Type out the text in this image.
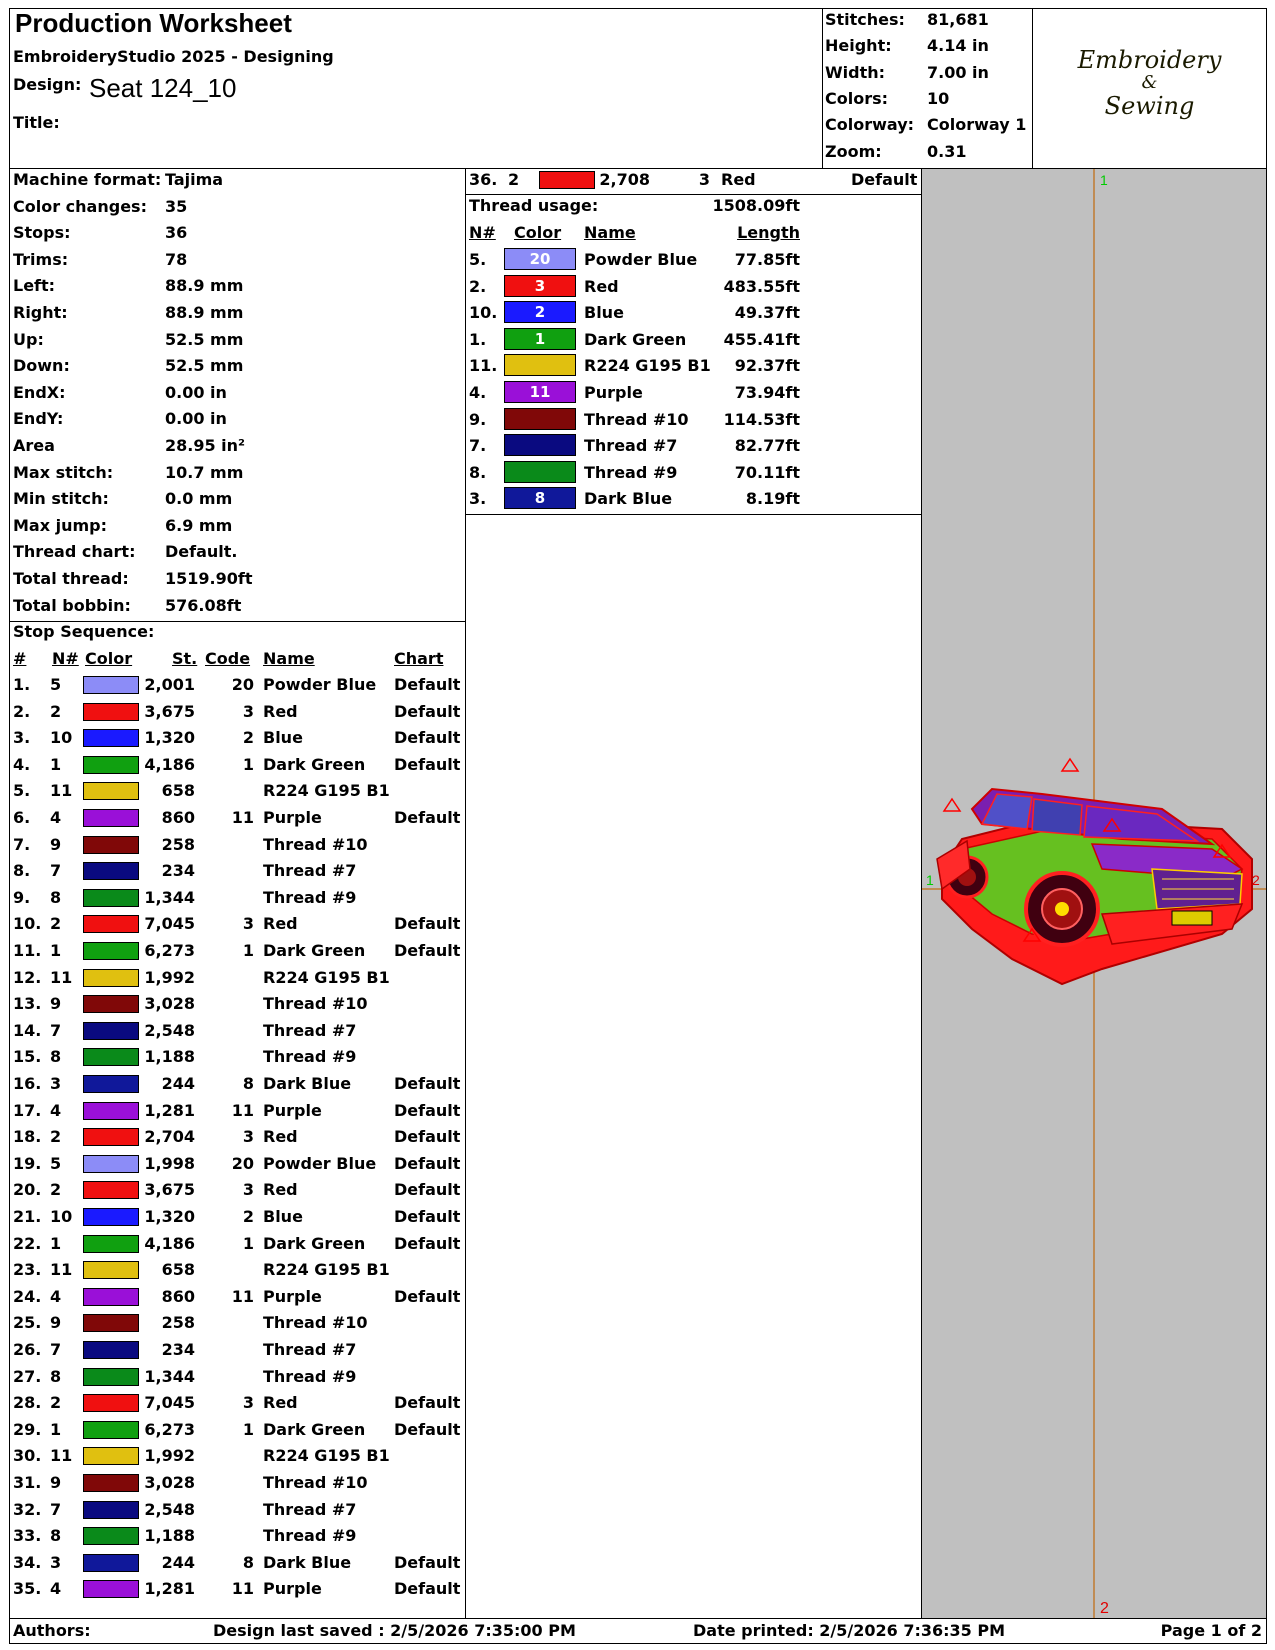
Production Worksheet
EmbroideryStudio 2025 - Designing
Design: Seat 124_10
Title:
Stitches: 81,681
Height: 4.14 in
Width:	7.00 in
Colors: 10
Colorway: Colorway 1
Zoom:	0.31
Embroidery
&
Sewing
Machine format: Tajima
Color changes: 35
Stops:	36
Trims:	78
Left:	88.9 mm
Right:	88.9 mm
Up:	52.5 mm
Down:	52.5 mm
EndX:	0.00 in
EndY:	0.00 in
Area	28.95 in²
Max stitch:	10.7 mm
Min stitch:	0.0 mm
Max jump:	6.9 mm
Thread chart: Default.
Total thread: 1519.90ft
Total bobbin: 576.08ft
Stop Sequence:
# N# Color St. Code Name	Chart
1. 5	2,001	20 Powder Blue Default
2. 2	3,675	3 Red	Default
3. 10	1,320	2 Blue	Default
4. 1	4,186	1 Dark Green Default
5. 11	658	R224 G195 B1
6. 4	860	11 Purple	Default
7. 9	258	Thread #10
8. 7	234	Thread #7
9. 8	1,344	Thread #9
10. 2	7,045	3 Red	Default
11. 1	6,273	1 Dark Green Default
12. 11	1,992	R224 G195 B1
13. 9	3,028	Thread #10
14. 7	2,548	Thread #7
15. 8	1,188	Thread #9
16. 3	244	8 Dark Blue	Default
17. 4	1,281	11 Purple	Default
18. 2	2,704	3 Red	Default
19. 5	1,998	20 Powder Blue Default
20. 2	3,675	3 Red	Default
21. 10	1,320	2 Blue	Default
22. 1	4,186	1 Dark Green Default
23. 11	658	R224 G195 B1
24. 4	860	11 Purple	Default
25. 9	258	Thread #10
26. 7	234	Thread #7
27. 8	1,344	Thread #9
28. 2	7,045	3 Red	Default
29. 1	6,273	1 Dark Green Default
30. 11	1,992	R224 G195 B1
31. 9	3,028	Thread #10
32. 7	2,548	Thread #7
33. 8	1,188	Thread #9
34. 3	244	8 Dark Blue	Default
35. 4	1,281	11 Purple	Default
36. 2	2,708	3 Red	Default
Thread usage:	1508.09ft
N# Color Name	Length
5.	20	Powder Blue	77.85ft
2.	3	Red	483.55ft
10.	2	Blue	49.37ft
1.	1	Dark Green	455.41ft
11.	R224 G195 B1	92.37ft
4.	11	Purple	73.94ft
9.	Thread #10	114.53ft
7.	Thread #7	82.77ft
8.	Thread #9	70.11ft
3.	8	Dark Blue	8.19ft
1
2
1	2
Authors:	Design last saved : 2/5/2026 7:35:00 PM	Date printed: 2/5/2026 7:36:35 PM	Page 1 of 2
